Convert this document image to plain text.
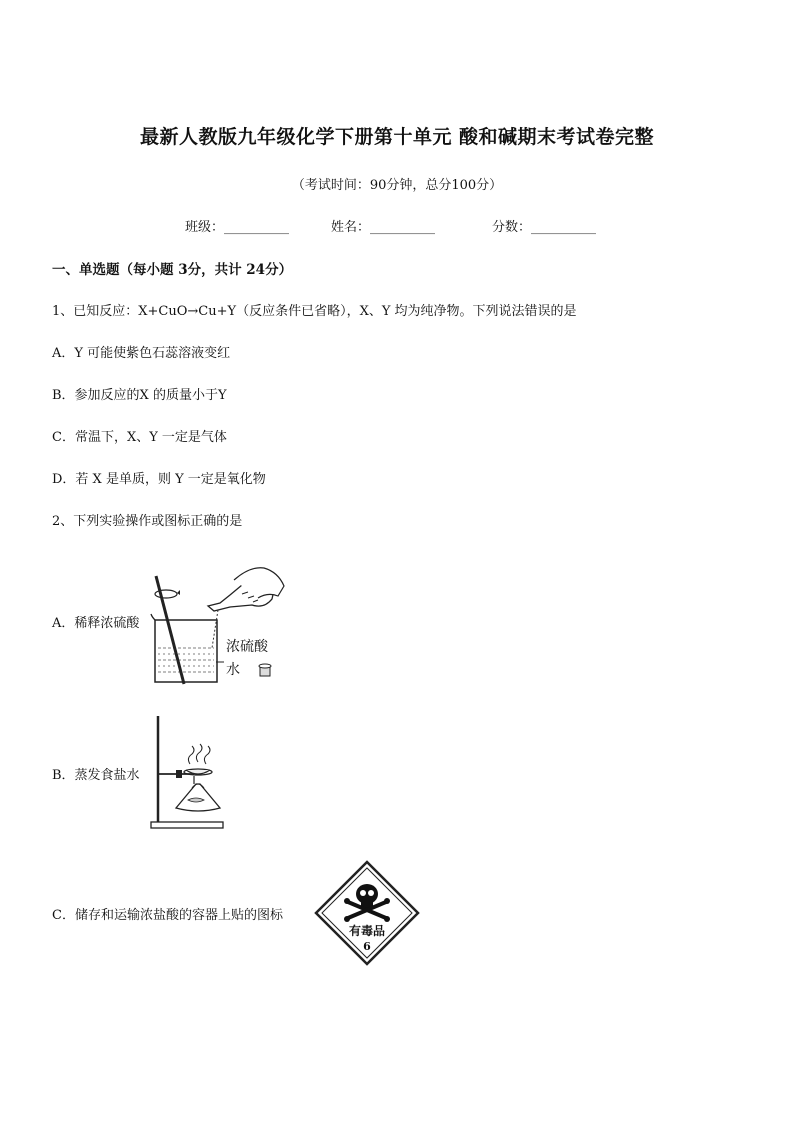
最新人教版九年级化学下册第十单元 酸和碱期末考试卷完整
（考试时间：90分钟，总分100分）
班级：__________	姓名：__________	分数：__________
一、单选题（每小题 3分，共计 24分）
1、已知反应：X+CuO→Cu+Y（反应条件已省略），X、Y 均为纯净物。下列说法错误的是
A．Y 可能使紫色石蕊溶液变红
B．参加反应的X 的质量小于Y
C．常温下，X、Y 一定是气体
D．若 X 是单质，则 Y 一定是氧化物
2、下列实验操作或图标正确的是
A．稀释浓硫酸
浓硫酸
水
B．蒸发食盐水
C．储存和运输浓盐酸的容器上贴的图标
有毒品
6
